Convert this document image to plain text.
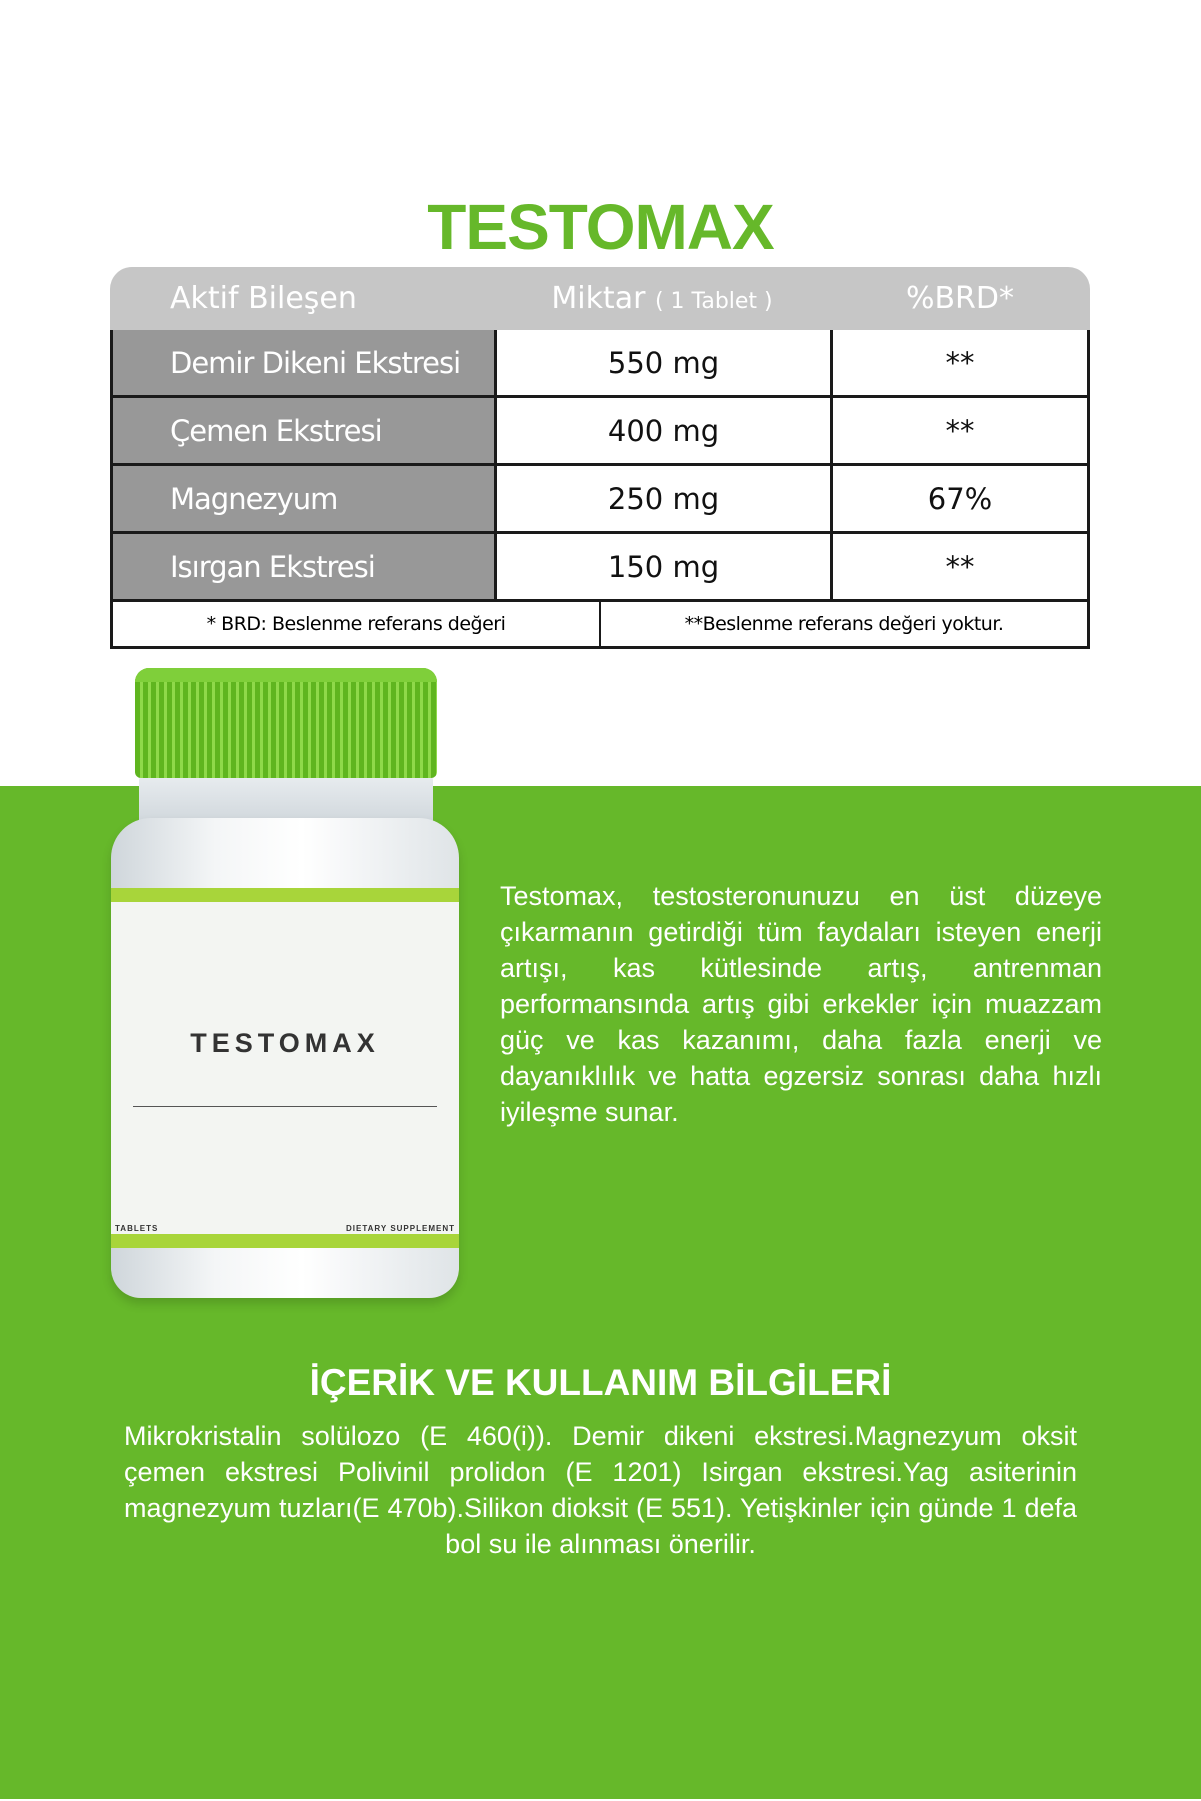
TESTOMAX
Aktif Bileşen	Miktar ( 1 Tablet )	%BRD*
Demir Dikeni Ekstresi	550 mg	**
Çemen Ekstresi	400 mg	**
Magnezyum	250 mg	67%
Isırgan Ekstresi	150 mg	**
* BRD: Beslenme referans değeri	**Beslenme referans değeri yoktur.
TESTOMAX
TABLETS	DIETARY SUPPLEMENT

Testomax, testosteronunuzu en üst düzeye çıkarmanın getirdiği tüm faydaları isteyen enerji artışı, kas kütlesinde artış, antrenman performansında artış gibi erkekler için muazzam güç ve kas kazanımı, daha fazla enerji ve dayanıklılık ve hatta egzersiz sonrası daha hızlı iyileşme sunar.

İÇERİK VE KULLANIM BİLGİLERİ

Mikrokristalin solülozo (E 460(i)). Demir dikeni ekstresi.Magnezyum oksit çemen ekstresi Polivinil prolidon (E 1201) Isirgan ekstresi.Yag asiterinin magnezyum tuzları(E 470b).Silikon dioksit (E 551). Yetişkinler için günde 1 defa bol su ile alınması önerilir.
